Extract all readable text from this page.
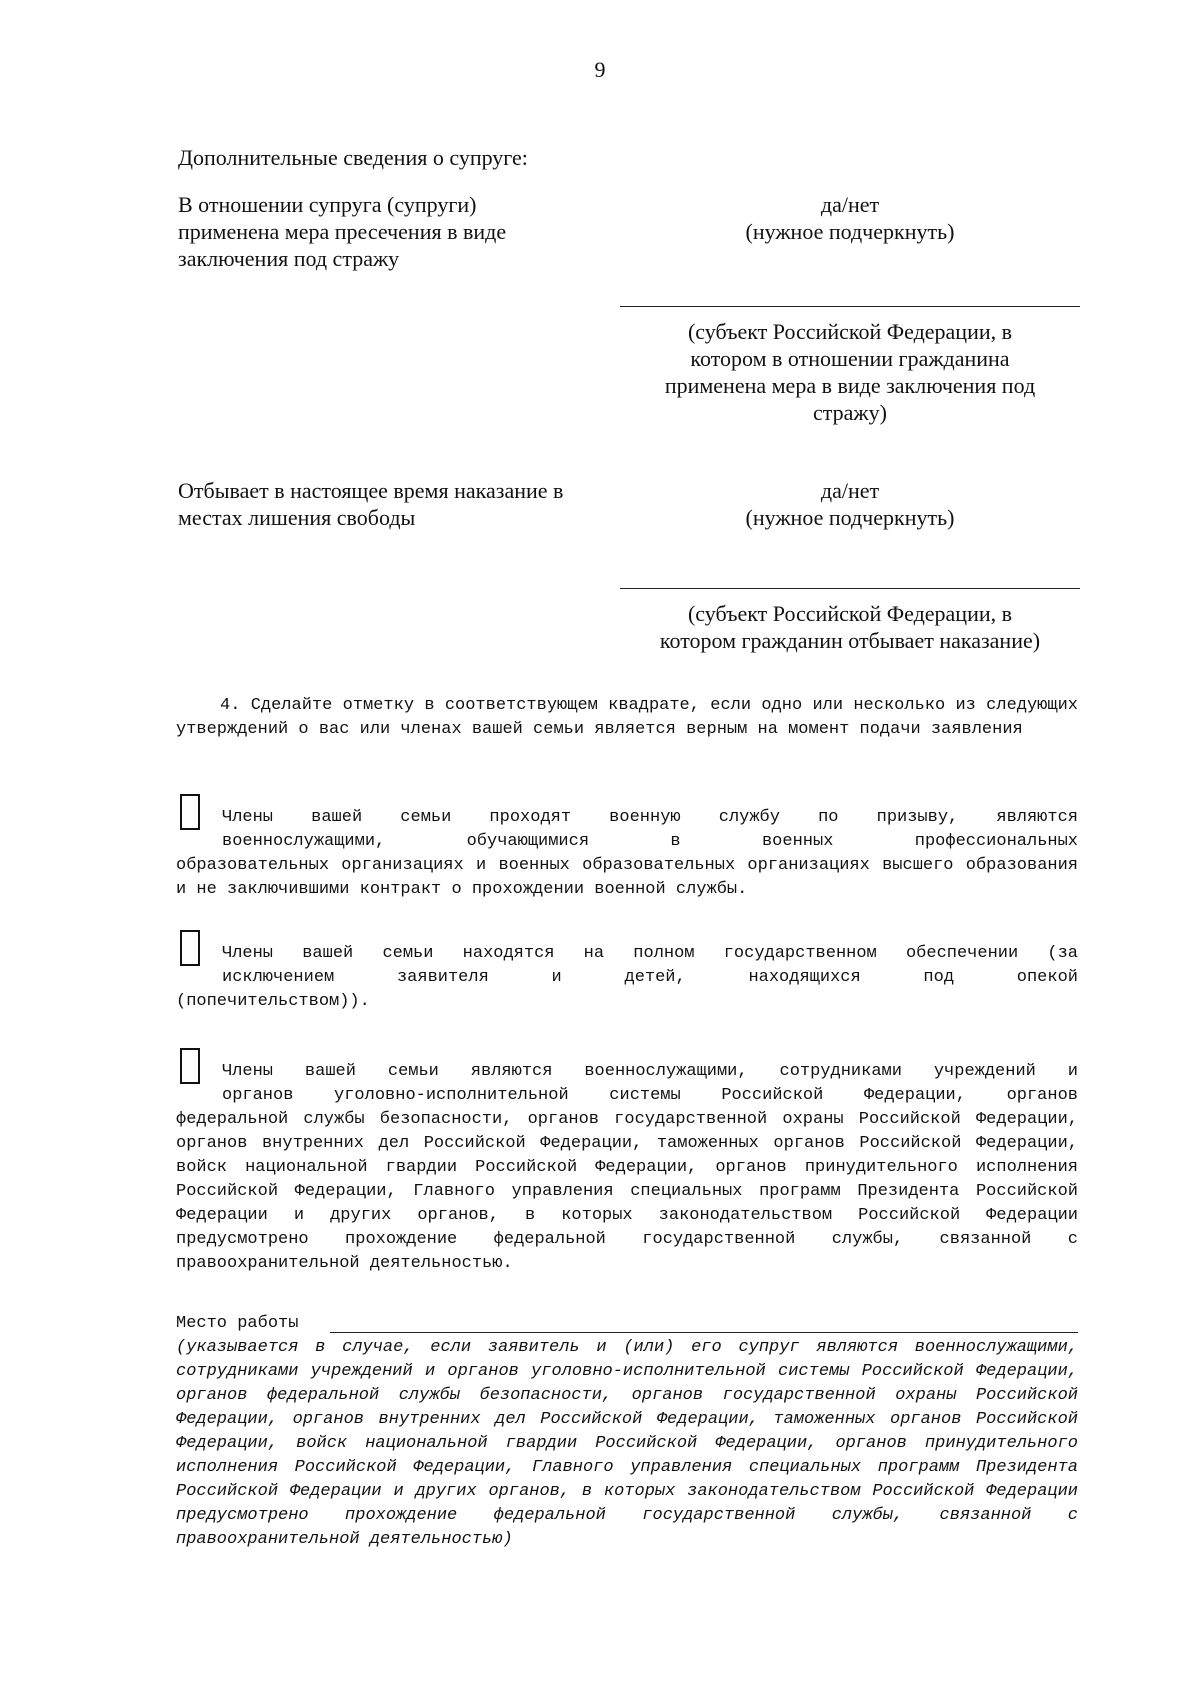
9
Дополнительные сведения о супруге:
В отношении супруга (супруги)
применена мера пресечения в виде
заключения под стражу
да/нет
(нужное подчеркнуть)
(субъект Российской Федерации, в
котором в отношении гражданина
применена мера в виде заключения под
стражу)
Отбывает в настоящее время наказание в
местах лишения свободы
да/нет
(нужное подчеркнуть)
(субъект Российской Федерации, в
котором гражданин отбывает наказание)
4. Сделайте отметку в соответствующем квадрате, если одно или несколько из следующих утверждений о вас или членах вашей семьи является верным на момент подачи заявления
Члены вашей семьи проходят военную службу по призыву, являются
военнослужащими, обучающимися в военных профессиональных
образовательных организациях и военных образовательных организациях высшего образования и не заключившими контракт о прохождении военной службы.
Члены вашей семьи находятся на полном государственном обеспечении (за
исключением заявителя и детей, находящихся под опекой
(попечительством)).
Члены вашей семьи являются военнослужащими, сотрудниками учреждений и
органов уголовно-исполнительной системы Российской Федерации, органов
федеральной службы безопасности, органов государственной охраны Российской Федерации, органов внутренних дел Российской Федерации, таможенных органов Российской Федерации, войск национальной гвардии Российской Федерации, органов принудительного исполнения Российской Федерации, Главного управления специальных программ Президента Российской Федерации и других органов, в которых законодательством Российской Федерации предусмотрено прохождение федеральной государственной службы, связанной с правоохранительной деятельностью.
Место работы
(указывается в случае, если заявитель и (или) его супруг являются военнослужащими, сотрудниками учреждений и органов уголовно-исполнительной системы Российской Федерации, органов федеральной службы безопасности, органов государственной охраны Российской Федерации, органов внутренних дел Российской Федерации, таможенных органов Российской Федерации, войск национальной гвардии Российской Федерации, органов принудительного исполнения Российской Федерации, Главного управления специальных программ Президента Российской Федерации и других органов, в которых законодательством Российской Федерации предусмотрено прохождение федеральной государственной службы, связанной с правоохранительной деятельностью)
